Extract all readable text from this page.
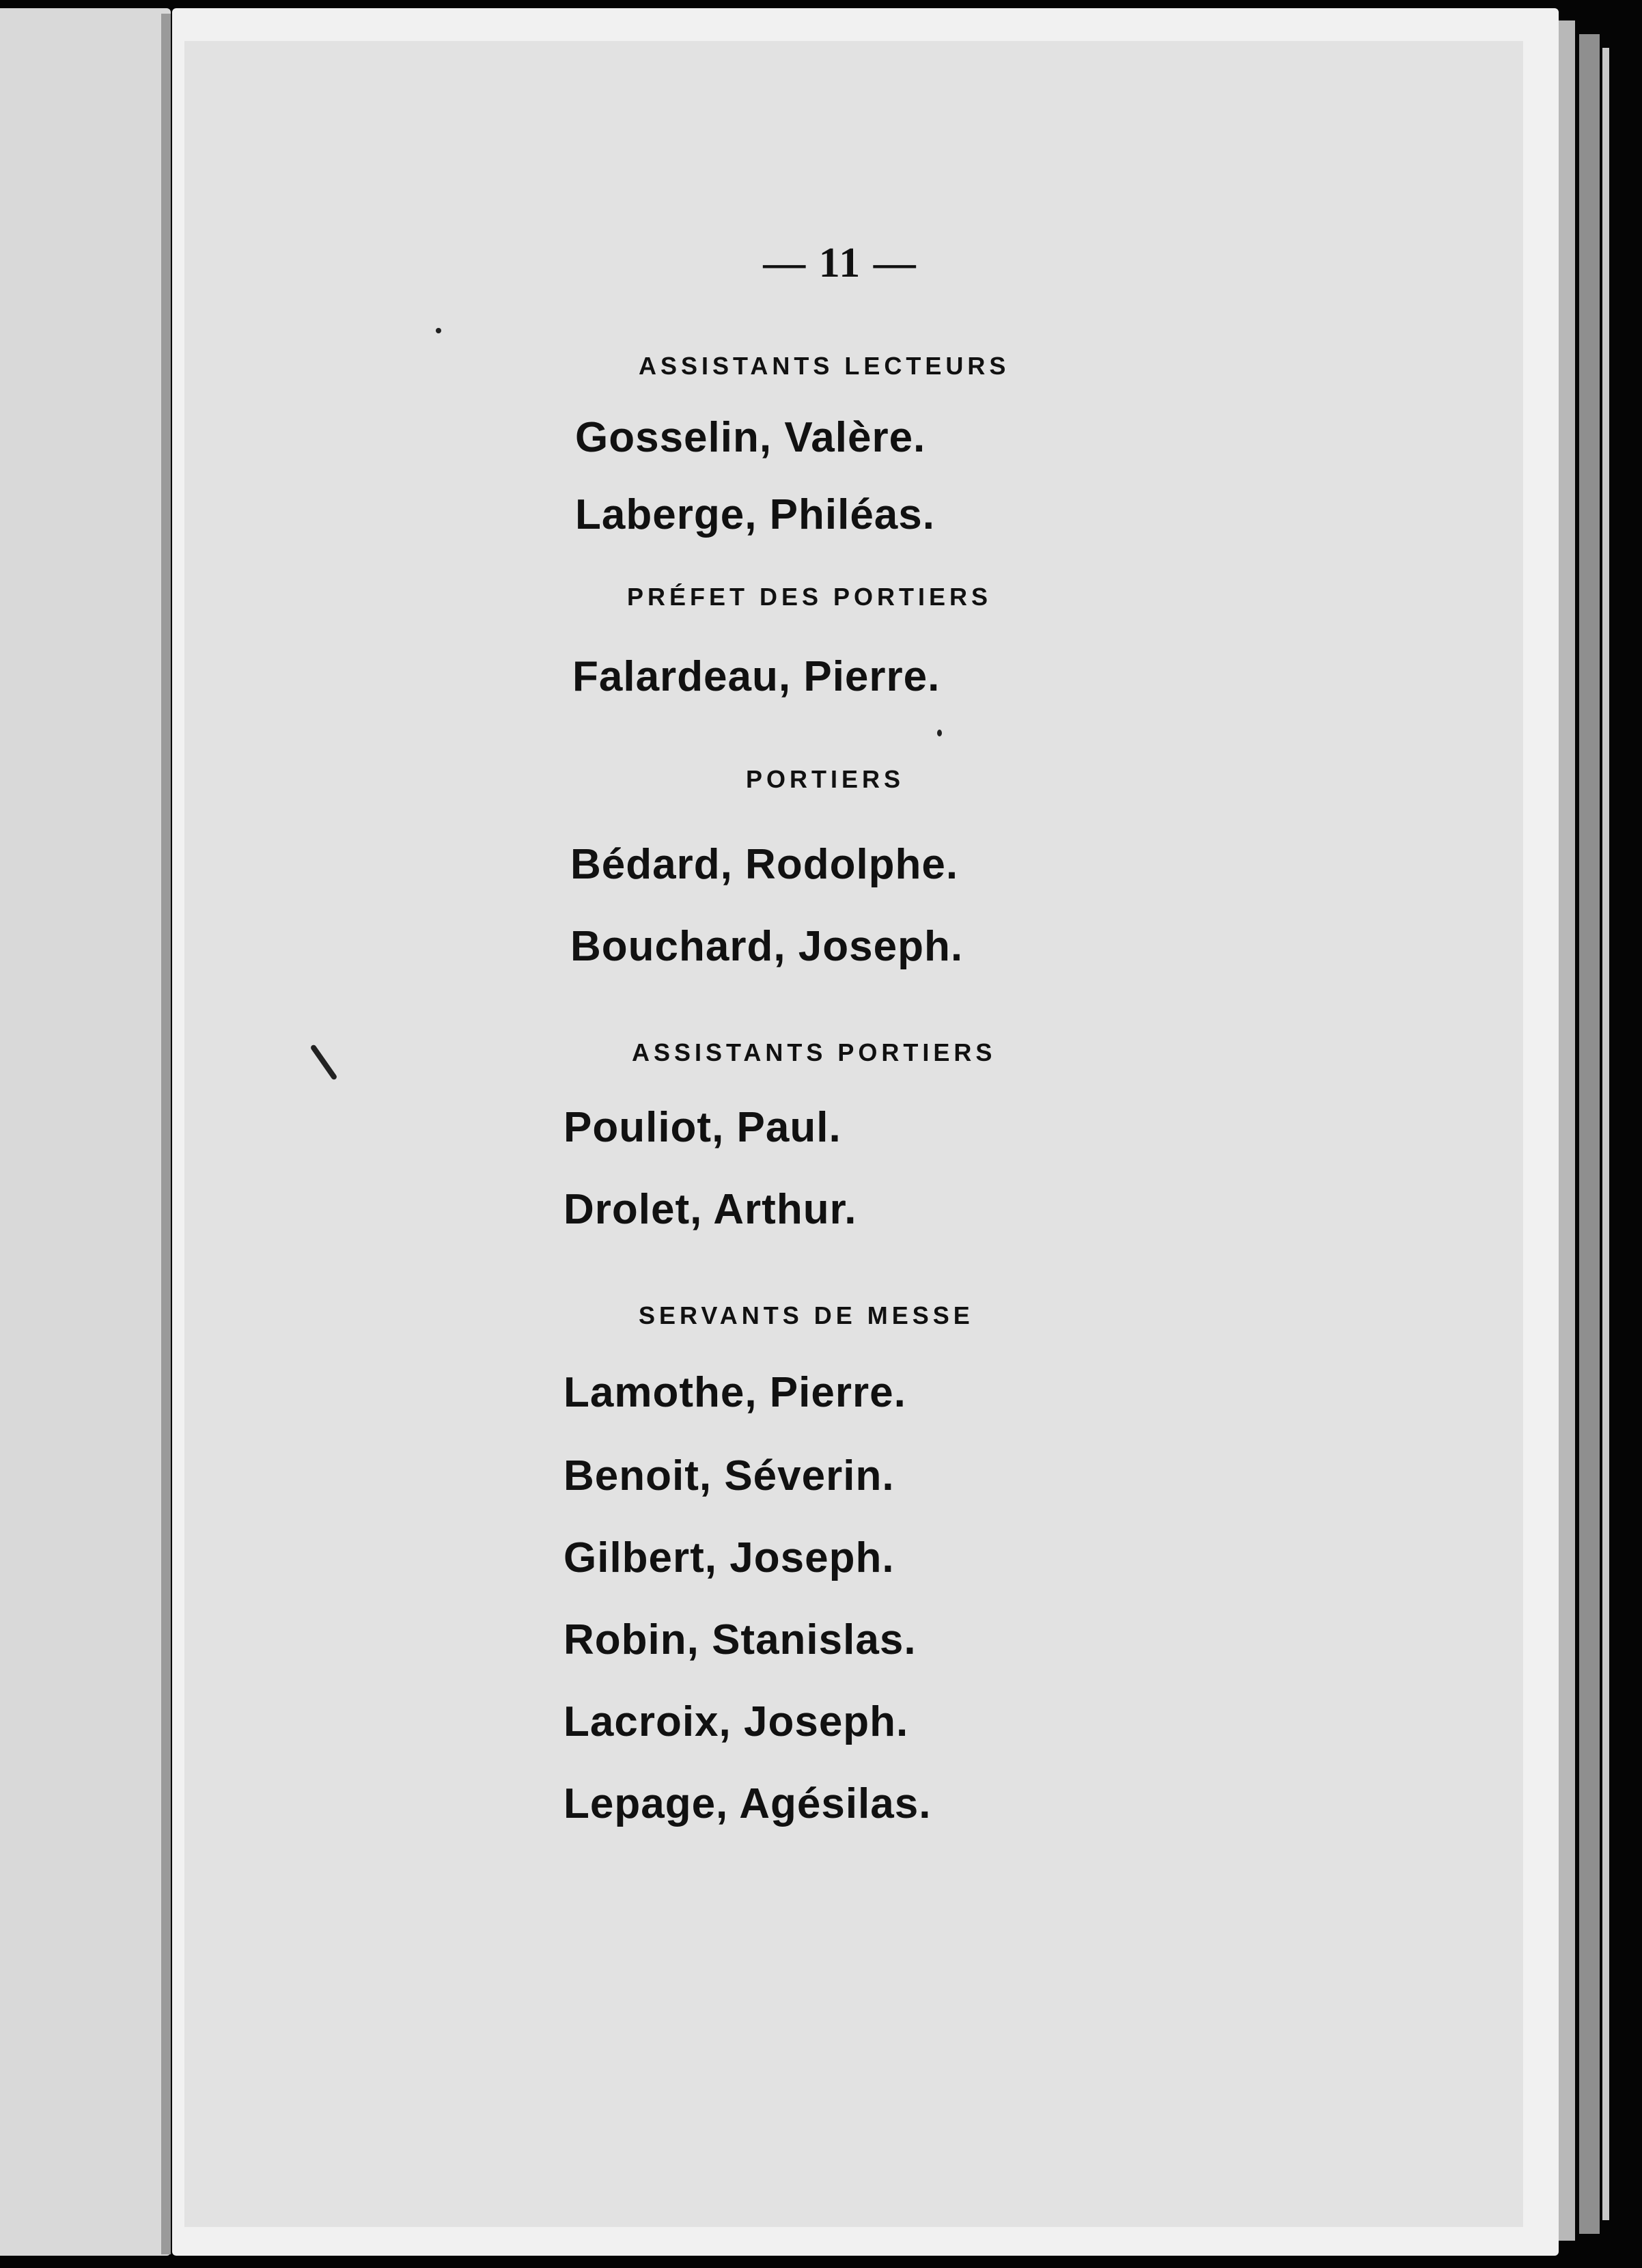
— 11 —
ASSISTANTS LECTEURS
Gosselin, Valère.
Laberge, Philéas.
PRÉFET DES PORTIERS
Falardeau, Pierre.
PORTIERS
Bédard, Rodolphe.
Bouchard, Joseph.
ASSISTANTS PORTIERS
Pouliot, Paul.
Drolet, Arthur.
SERVANTS DE MESSE
Lamothe, Pierre.
Benoit, Séverin.
Gilbert, Joseph.
Robin, Stanislas.
Lacroix, Joseph.
Lepage, Agésilas.
